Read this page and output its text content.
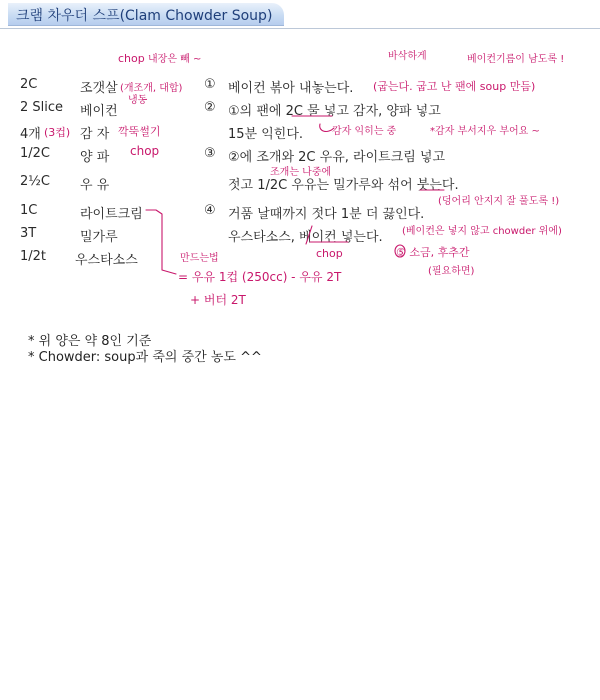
크램 차우더 스프(Clam Chowder Soup)
2C
2 Slice
4개 (3컵)
1/2C
2½C
1C
3T
1/2t
조갯살
베이컨
감 자
양 파
우 유
라이트크림
밀가루
우스타소스
① 베이컨 볶아 내놓는다.
② ①의 팬에 2C 물 넣고 감자, 양파 넣고
15분 익힌다.
③ ②에 조개와 2C 우유, 라이트크림 넣고
젓고 1/2C 우유는 밀가루와 섞어 붓는다.
④ 거품 날때까지 젓다 1분 더 끓인다.
우스타소스, 베이컨 넣는다.
chop 내장은 빼 ~
(개조개, 대합)
냉동
깍뚝썰기
chop
바삭하게
(굽는다. 굽고 난 팬에 soup 만듬)
베이컨기름이 남도록 !
감자 익히는 중	*감자 부서지우 부어요 ~
조개는 나중에
(덩어리 안지지 잘 풀도록 !)
chop
(베이컨은 넣지 않고 chowder 위에)
⑤ 소금, 후추간
(필요하면)
만드는법
= 우유 1컵 (250cc) - 우유 2T
+ 버터 2T
* 위 양은 약 8인 기준
* Chowder: soup과 죽의 중간 농도 ^^
